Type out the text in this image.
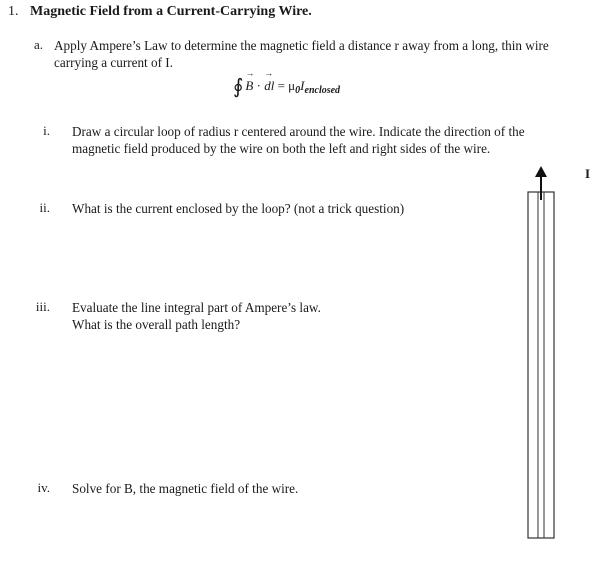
1. Magnetic Field from a Current-Carrying Wire.
a. Apply Ampere’s Law to determine the magnetic field a distance r away from a long, thin wire carrying a current of I.
∮→ B · → dl = $\mu_0I_{enclosed}$
i. Draw a circular loop of radius r centered around the wire. Indicate the direction of the magnetic field produced by the wire on both the left and right sides of the wire.
ii. What is the current enclosed by the loop? (not a trick question)
iii. Evaluate the line integral part of Ampere’s law.
What is the overall path length?
iv. Solve for B, the magnetic field of the wire.
I
